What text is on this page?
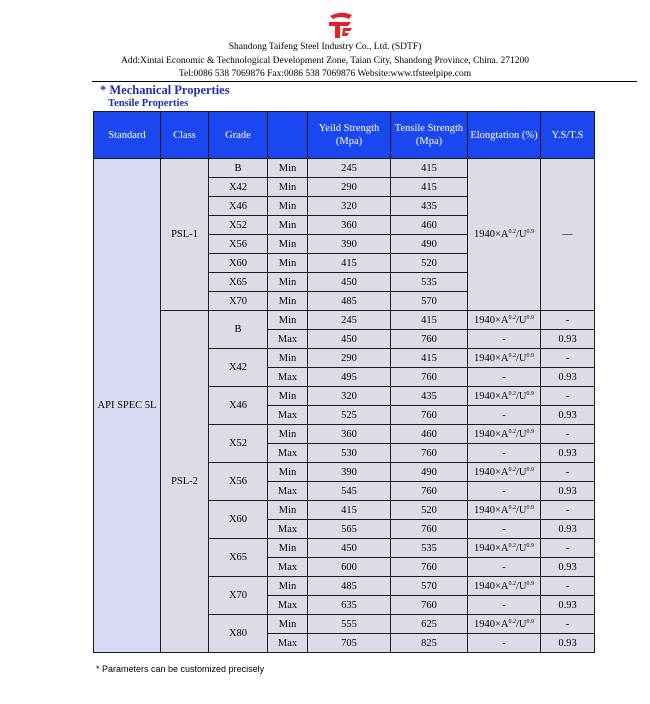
Shandong Taifeng Steel Industry Co., Ltd. (SDTF)
Add:Xintai Economic & Technological Development Zone, Taian City, Shandong Province, China. 271200
Tel:0086 538 7069876 Fax:0086 538 7069876 Website:www.tfsteelpipe.com
* Mechanical Properties
Tensile Properties
Standard	Class	Grade		Yeild Strength (Mpa)	Tensile Strength (Mpa)	Elongtation (%)	Y.S/T.S
API SPEC 5L	PSL-1	B	Min	245	415	$1940\times A^{0.2}/U^{0.9}$	—
		X42	Min	290	415		
		X46	Min	320	435		
		X52	Min	360	460		
		X56	Min	390	490		
		X60	Min	415	520		
		X65	Min	450	535		
		X70	Min	485	570		
	PSL-2	B	Min	245	415	$1940\times A^{0.2}/U^{0.9}$	-
			Max	450	760	-	0.93
		X42	Min	290	415	$1940\times A^{0.2}/U^{0.9}$	-
			Max	495	760	-	0.93
		X46	Min	320	435	$1940\times A^{0.2}/U^{0.9}$	-
			Max	525	760	-	0.93
		X52	Min	360	460	$1940\times A^{0.2}/U^{0.9}$	-
			Max	530	760	-	0.93
		X56	Min	390	490	$1940\times A^{0.2}/U^{0.9}$	-
			Max	545	760	-	0.93
		X60	Min	415	520	$1940\times A^{0.2}/U^{0.9}$	-
			Max	565	760	-	0.93
		X65	Min	450	535	$1940\times A^{0.2}/U^{0.9}$	-
			Max	600	760	-	0.93
		X70	Min	485	570	$1940\times A^{0.2}/U^{0.9}$	-
			Max	635	760	-	0.93
		X80	Min	555	625	$1940\times A^{0.2}/U^{0.9}$	-
			Max	705	825	-	0.93
* Parameters can be customized precisely
